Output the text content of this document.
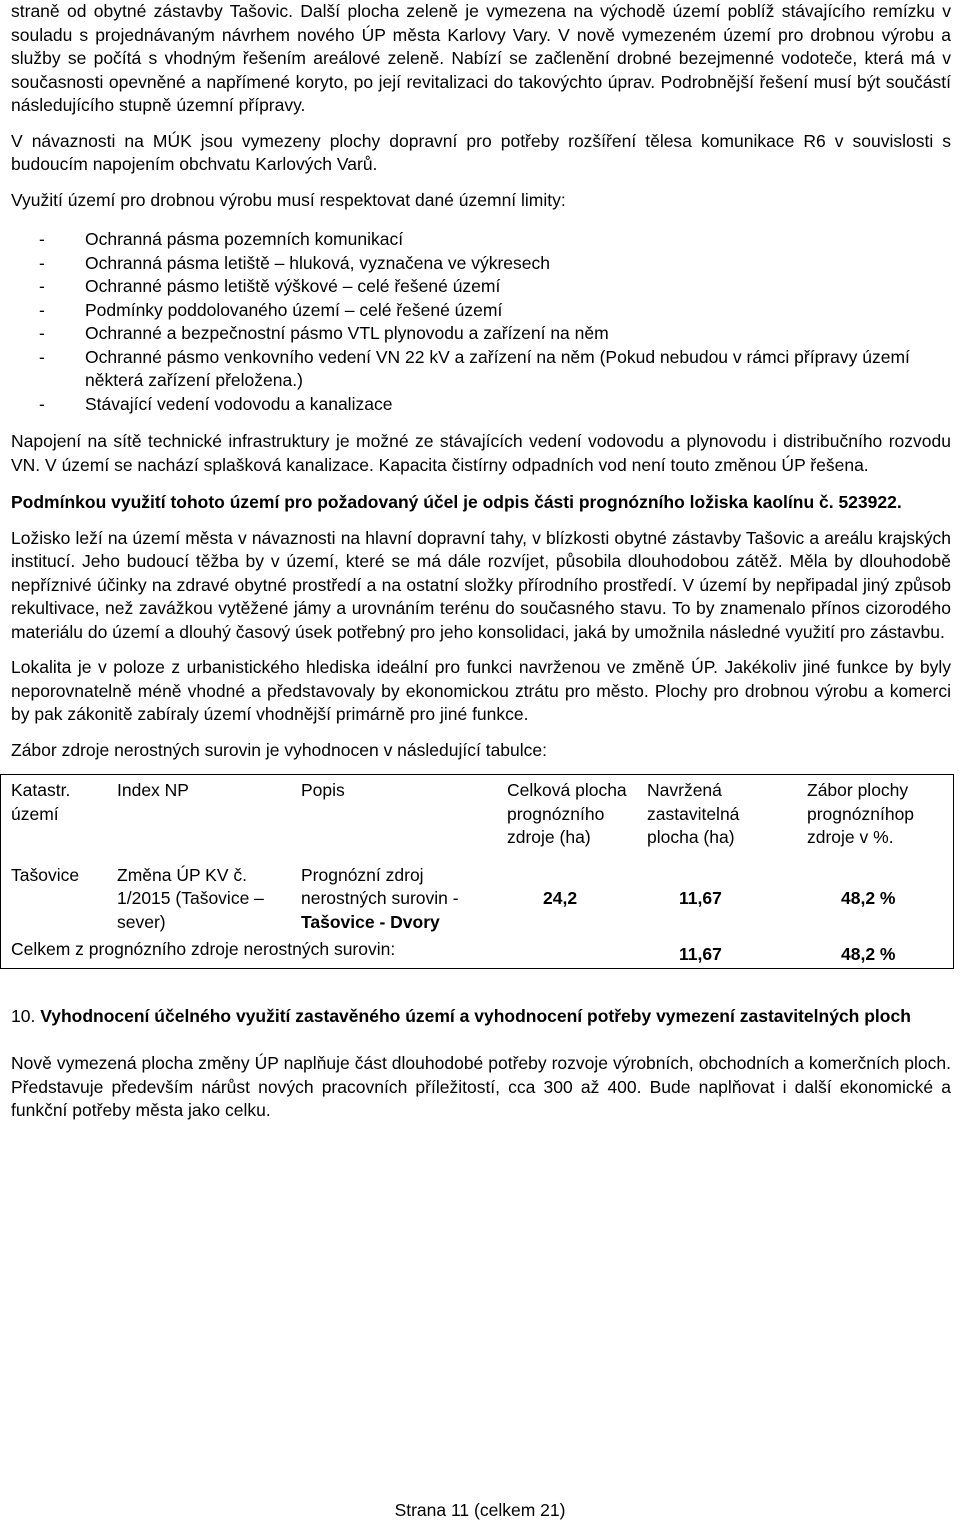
straně od obytné zástavby Tašovic. Další plocha zeleně je vymezena na východě území poblíž stávajícího remízku v souladu s projednávaným návrhem nového ÚP města Karlovy Vary. V nově vymezeném území pro drobnou výrobu a služby se počítá s vhodným řešením areálové zeleně. Nabízí se začlenění drobné bezejmenné vodoteče, která má v současnosti opevněné a napřímené koryto, po její revitalizaci do takovýchto úprav. Podrobnější řešení musí být součástí následujícího stupně územní přípravy.

V návaznosti na MÚK jsou vymezeny plochy dopravní pro potřeby rozšíření tělesa komunikace R6 v souvislosti s budoucím napojením obchvatu Karlových Varů.

Využití území pro drobnou výrobu musí respektovat dané územní limity:

- Ochranná pásma pozemních komunikací
- Ochranná pásma letiště – hluková, vyznačena ve výkresech
- Ochranné pásmo letiště výškové – celé řešené území
- Podmínky poddolovaného území – celé řešené území
- Ochranné a bezpečnostní pásmo VTL plynovodu a zařízení na něm
- Ochranné pásmo venkovního vedení VN 22 kV a zařízení na něm (Pokud nebudou v rámci přípravy území některá zařízení přeložena.)
- Stávající vedení vodovodu a kanalizace

Napojení na sítě technické infrastruktury je možné ze stávajících vedení vodovodu a plynovodu i distribučního rozvodu VN. V území se nachází splašková kanalizace. Kapacita čistírny odpadních vod není touto změnou ÚP řešena.

Podmínkou využití tohoto území pro požadovaný účel je odpis části prognózního ložiska kaolínu č. 523922.

Ložisko leží na území města v návaznosti na hlavní dopravní tahy, v blízkosti obytné zástavby Tašovic a areálu krajských institucí. Jeho budoucí těžba by v území, které se má dále rozvíjet, působila dlouhodobou zátěž. Měla by dlouhodobě nepříznivé účinky na zdravé obytné prostředí a na ostatní složky přírodního prostředí. V území by nepřipadal jiný způsob rekultivace, než zavážkou vytěžené jámy a urovnáním terénu do současného stavu. To by znamenalo přínos cizorodého materiálu do území a dlouhý časový úsek potřebný pro jeho konsolidaci, jaká by umožnila následné využití pro zástavbu.

Lokalita je v poloze z urbanistického hlediska ideální pro funkci navrženou ve změně ÚP. Jakékoliv jiné funkce by byly neporovnatelně méně vhodné a představovaly by ekonomickou ztrátu pro město. Plochy pro drobnou výrobu a komerci by pak zákonitě zabíraly území vhodnější primárně pro jiné funkce.

Zábor zdroje nerostných surovin je vyhodnocen v následující tabulce:

Katastr. území	Index NP	Popis	Celková plocha prognózního zdroje (ha)	Navržená zastavitelná plocha (ha)	Zábor plochy prognózníhop zdroje v %.
Tašovice	Změna ÚP KV č. 1/2015 (Tašovice – sever)	Prognózní zdroj nerostných surovin - Tašovice - Dvory	24,2	11,67	48,2 %
Celkem z prognózního zdroje nerostných surovin:				11,67	48,2 %

10. Vyhodnocení účelného využití zastavěného území a vyhodnocení potřeby vymezení zastavitelných ploch

Nově vymezená plocha změny ÚP naplňuje část dlouhodobé potřeby rozvoje výrobních, obchodních a komerčních ploch. Představuje především nárůst nových pracovních příležitostí, cca 300 až 400. Bude naplňovat i další ekonomické a funkční potřeby města jako celku.

Strana 11 (celkem 21)
